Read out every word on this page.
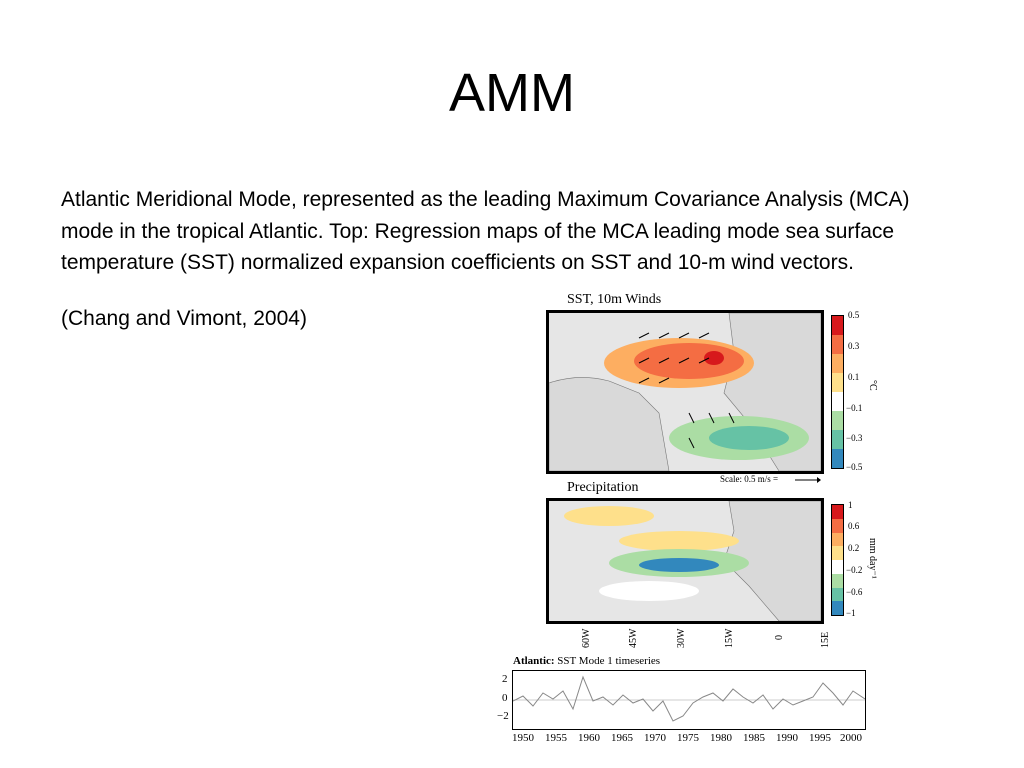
AMM

Atlantic Meridional Mode, represented as the leading Maximum Covariance Analysis (MCA) mode in the tropical Atlantic. Top: Regression maps of the MCA leading mode sea surface temperature (SST) normalized expansion coefficients on SST and 10-m wind vectors.

(Chang and Vimont, 2004)

SST, 10m Winds
0.5
0.3
0.1
−0.1
−0.3
−0.5
°C
Scale: 0.5 m/s =
Precipitation
1
0.6
0.2
−0.2
−0.6
−1
mm day⁻¹
60W	45W	30W	15W	0	15E
Atlantic: SST Mode 1 timeseries
2
0
−2
1950 1955 1960 1965 1970 1975 1980 1985 1990 1995 2000
